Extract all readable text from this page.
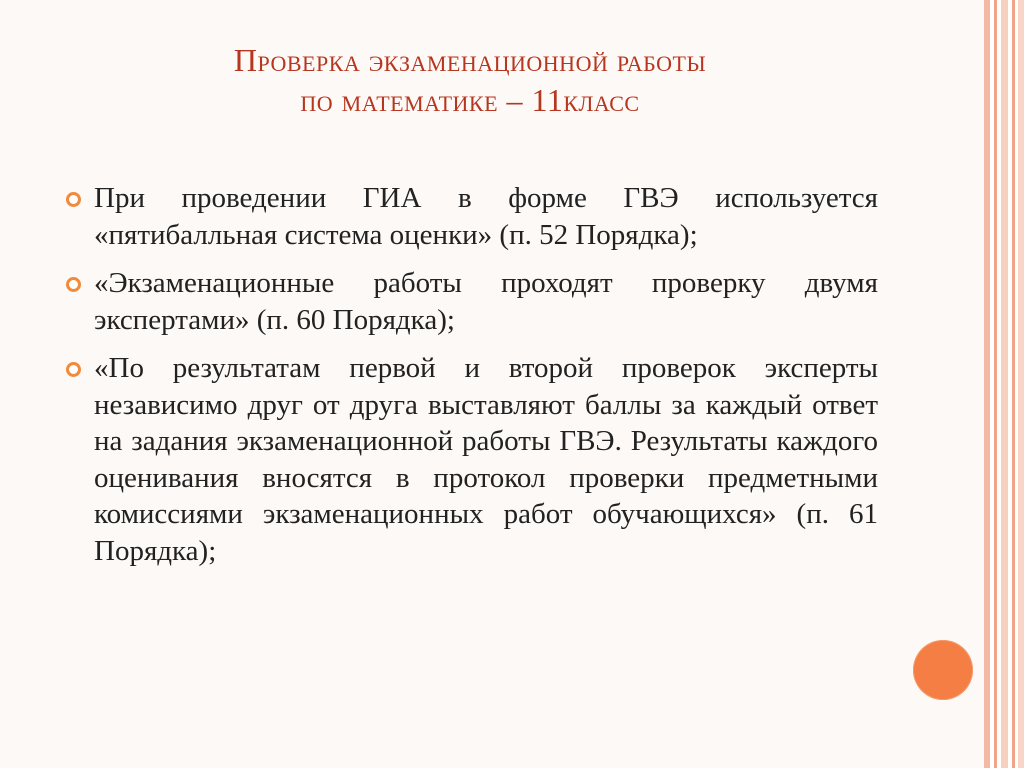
Проверка экзаменационной работы
по математике – 11класс
При проведении ГИА в форме ГВЭ используется «пятибалльная система оценки» (п. 52 Порядка);
«Экзаменационные работы проходят проверку двумя экспертами» (п. 60 Порядка);
«По результатам первой и второй проверок эксперты независимо друг от друга выставляют баллы за каждый ответ на задания экзаменационной работы ГВЭ. Результаты каждого оценивания вносятся в протокол проверки предметными комиссиями экзаменационных работ обучающихся» (п. 61 Порядка);
